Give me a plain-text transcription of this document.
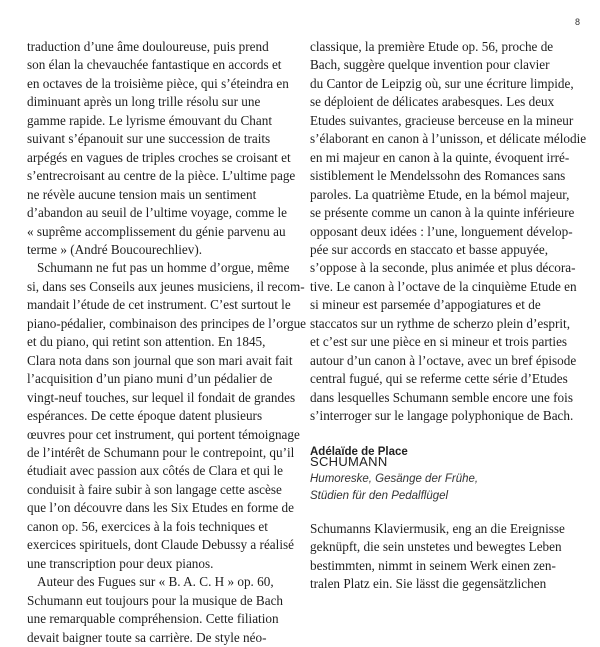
8
traduction d’une âme douloureuse, puis prend
son élan la chevauchée fantastique en accords et
en octaves de la troisième pièce, qui s’éteindra en
diminuant après un long trille résolu sur une
gamme rapide. Le lyrisme émouvant du Chant
suivant s’épanouit sur une succession de traits
arpégés en vagues de triples croches se croisant et
s’entrecroisant au centre de la pièce. L’ultime page
ne révèle aucune tension mais un sentiment
d’abandon au seuil de l’ultime voyage, comme le
« suprême accomplissement du génie parvenu au
terme » (André Boucourechliev).
Schumann ne fut pas un homme d’orgue, même
si, dans ses Conseils aux jeunes musiciens, il recom-
mandait l’étude de cet instrument. C’est surtout le
piano-pédalier, combinaison des principes de l’orgue
et du piano, qui retint son attention. En 1845,
Clara nota dans son journal que son mari avait fait
l’acquisition d’un piano muni d’un pédalier de
vingt-neuf touches, sur lequel il fondait de grandes
espérances. De cette époque datent plusieurs
œuvres pour cet instrument, qui portent témoignage
de l’intérêt de Schumann pour le contrepoint, qu’il
étudiait avec passion aux côtés de Clara et qui le
conduisit à faire subir à son langage cette ascèse
que l’on découvre dans les Six Etudes en forme de
canon op. 56, exercices à la fois techniques et
exercices spirituels, dont Claude Debussy a réalisé
une transcription pour deux pianos.
Auteur des Fugues sur « B. A. C. H » op. 60,
Schumann eut toujours pour la musique de Bach
une remarquable compréhension. Cette filiation
devait baigner toute sa carrière. De style néo-
classique, la première Etude op. 56, proche de
Bach, suggère quelque invention pour clavier
du Cantor de Leipzig où, sur une écriture limpide,
se déploient de délicates arabesques. Les deux
Etudes suivantes, gracieuse berceuse en la mineur
s’élaborant en canon à l’unisson, et délicate mélodie
en mi majeur en canon à la quinte, évoquent irré-
sistiblement le Mendelssohn des Romances sans
paroles. La quatrième Etude, en la bémol majeur,
se présente comme un canon à la quinte inférieure
opposant deux idées : l’une, longuement dévelop-
pée sur accords en staccato et basse appuyée,
s’oppose à la seconde, plus animée et plus décora-
tive. Le canon à l’octave de la cinquième Etude en
si mineur est parsemée d’appogiatures et de
staccatos sur un rythme de scherzo plein d’esprit,
et c’est sur une pièce en si mineur et trois parties
autour d’un canon à l’octave, avec un bref épisode
central fugué, qui se referme cette série d’Etudes
dans lesquelles Schumann semble encore une fois
s’interroger sur le langage polyphonique de Bach.
Adélaïde de Place
SCHUMANN
Humoreske, Gesänge der Frühe,
Stüdien für den Pedalflügel
Schumanns Klaviermusik, eng an die Ereignisse
geknüpft, die sein unstetes und bewegtes Leben
bestimmten, nimmt in seinem Werk einen zen-
tralen Platz ein. Sie lässt die gegensätzlichen
